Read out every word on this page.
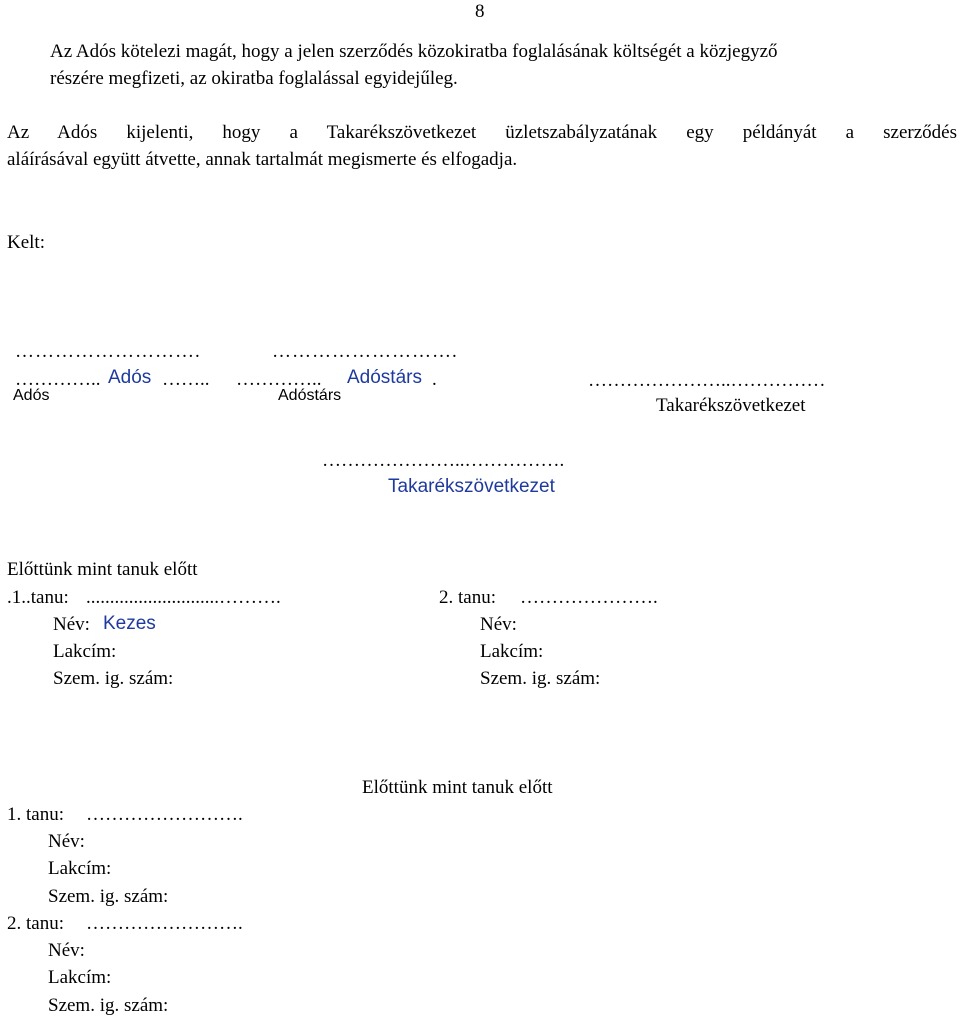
8
Az Adós kötelezi magát, hogy a jelen szerződés közokiratba foglalásának költségét a közjegyző
részére megfizeti, az okiratba foglalással egyidejűleg.
Az Adós kijelenti, hogy a Takarékszövetkezet üzletszabályzatának egy példányát a szerződés
aláírásával együtt átvette, annak tartalmát megismerte és elfogadja.
Kelt:
……………………….	……………………….
………….. Adós …….. ………….. Adóstárs .
Adós	Adóstárs
…………………..……………
Takarékszövetkezet
…………………..…………….
Takarékszövetkezet
Előttünk mint tanuk előtt
.1..tanu: ............................……….
Név: Kezes
Lakcím:
Szem. ig. szám:
2. tanu: ………………….
Név:
Lakcím:
Szem. ig. szám:
Előttünk mint tanuk előtt
1. tanu: …………………….
Név:
Lakcím:
Szem. ig. szám:
2. tanu: …………………….
Név:
Lakcím:
Szem. ig. szám:
